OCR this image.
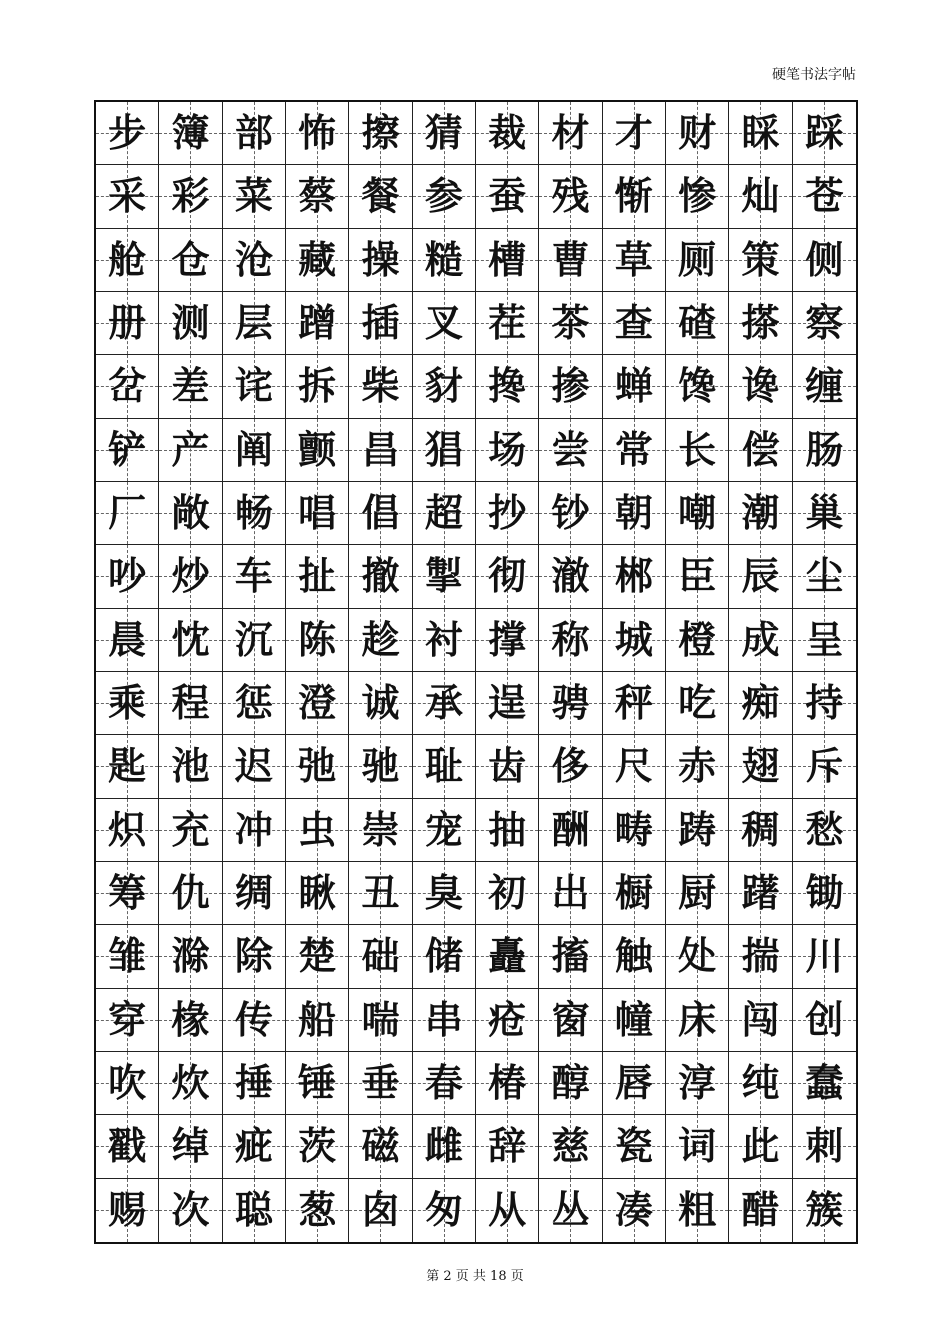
硬笔书法字帖
步 簿 部 怖 擦 猜 裁 材 才 财 睬 踩
采 彩 菜 蔡 餐 参 蚕 残 惭 惨 灿 苍
舱 仓 沧 藏 操 糙 槽 曹 草 厕 策 侧
册 测 层 蹭 插 叉 茬 茶 查 碴 搽 察
岔 差 诧 拆 柴 豺 搀 掺 蝉 馋 谗 缠
铲 产 阐 颤 昌 猖 场 尝 常 长 偿 肠
厂 敞 畅 唱 倡 超 抄 钞 朝 嘲 潮 巢
吵 炒 车 扯 撤 掣 彻 澈 郴 臣 辰 尘
晨 忱 沉 陈 趁 衬 撑 称 城 橙 成 呈
乘 程 惩 澄 诚 承 逞 骋 秤 吃 痴 持
匙 池 迟 弛 驰 耻 齿 侈 尺 赤 翅 斥
炽 充 冲 虫 崇 宠 抽 酬 畴 踌 稠 愁
筹 仇 绸 瞅 丑 臭 初 出 橱 厨 躇 锄
雏 滁 除 楚 础 储 矗 搐 触 处 揣 川
穿 椽 传 船 喘 串 疮 窗 幢 床 闯 创
吹 炊 捶 锤 垂 春 椿 醇 唇 淳 纯 蠢
戳 绰 疵 茨 磁 雌 辞 慈 瓷 词 此 刺
赐 次 聪 葱 囱 匆 从 丛 凑 粗 醋 簇
第 2 页 共 18 页
